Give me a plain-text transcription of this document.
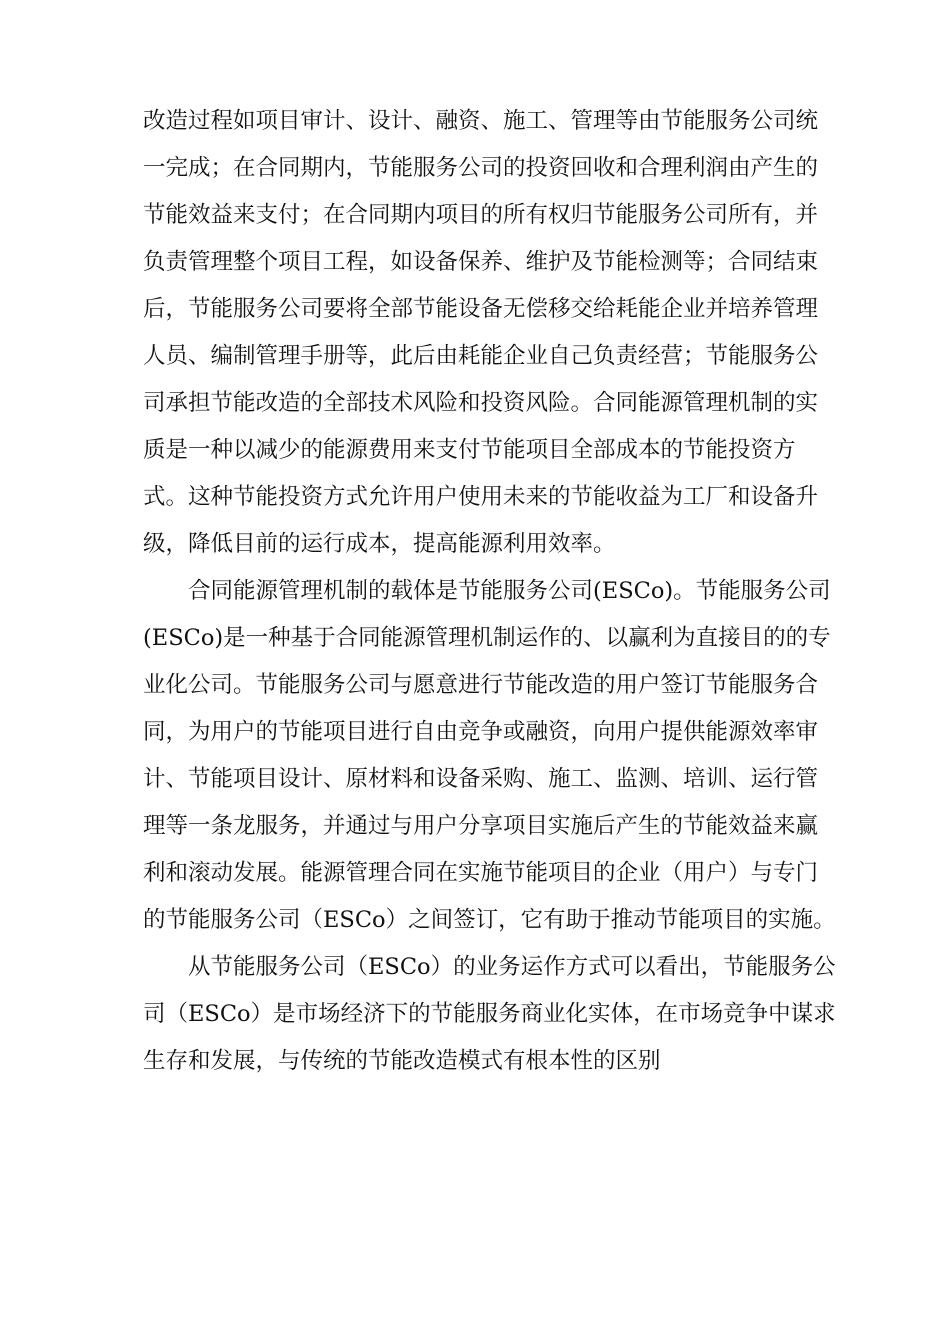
改造过程如项目审计、设计、融资、施工、管理等由节能服务公司统
一完成；在合同期内，节能服务公司的投资回收和合理利润由产生的
节能效益来支付；在合同期内项目的所有权归节能服务公司所有，并
负责管理整个项目工程，如设备保养、维护及节能检测等；合同结束
后，节能服务公司要将全部节能设备无偿移交给耗能企业并培养管理
人员、编制管理手册等，此后由耗能企业自己负责经营；节能服务公
司承担节能改造的全部技术风险和投资风险。合同能源管理机制的实
质是一种以减少的能源费用来支付节能项目全部成本的节能投资方
式。这种节能投资方式允许用户使用未来的节能收益为工厂和设备升
级，降低目前的运行成本，提高能源利用效率。
　　合同能源管理机制的载体是节能服务公司(ESCo)。节能服务公司
(ESCo)是一种基于合同能源管理机制运作的、以赢利为直接目的的专
业化公司。节能服务公司与愿意进行节能改造的用户签订节能服务合
同，为用户的节能项目进行自由竞争或融资，向用户提供能源效率审
计、节能项目设计、原材料和设备采购、施工、监测、培训、运行管
理等一条龙服务，并通过与用户分享项目实施后产生的节能效益来赢
利和滚动发展。能源管理合同在实施节能项目的企业（用户）与专门
的节能服务公司（ESCo）之间签订，它有助于推动节能项目的实施。
　　从节能服务公司（ESCo）的业务运作方式可以看出，节能服务公
司（ESCo）是市场经济下的节能服务商业化实体，在市场竞争中谋求
生存和发展，与传统的节能改造模式有根本性的区别
